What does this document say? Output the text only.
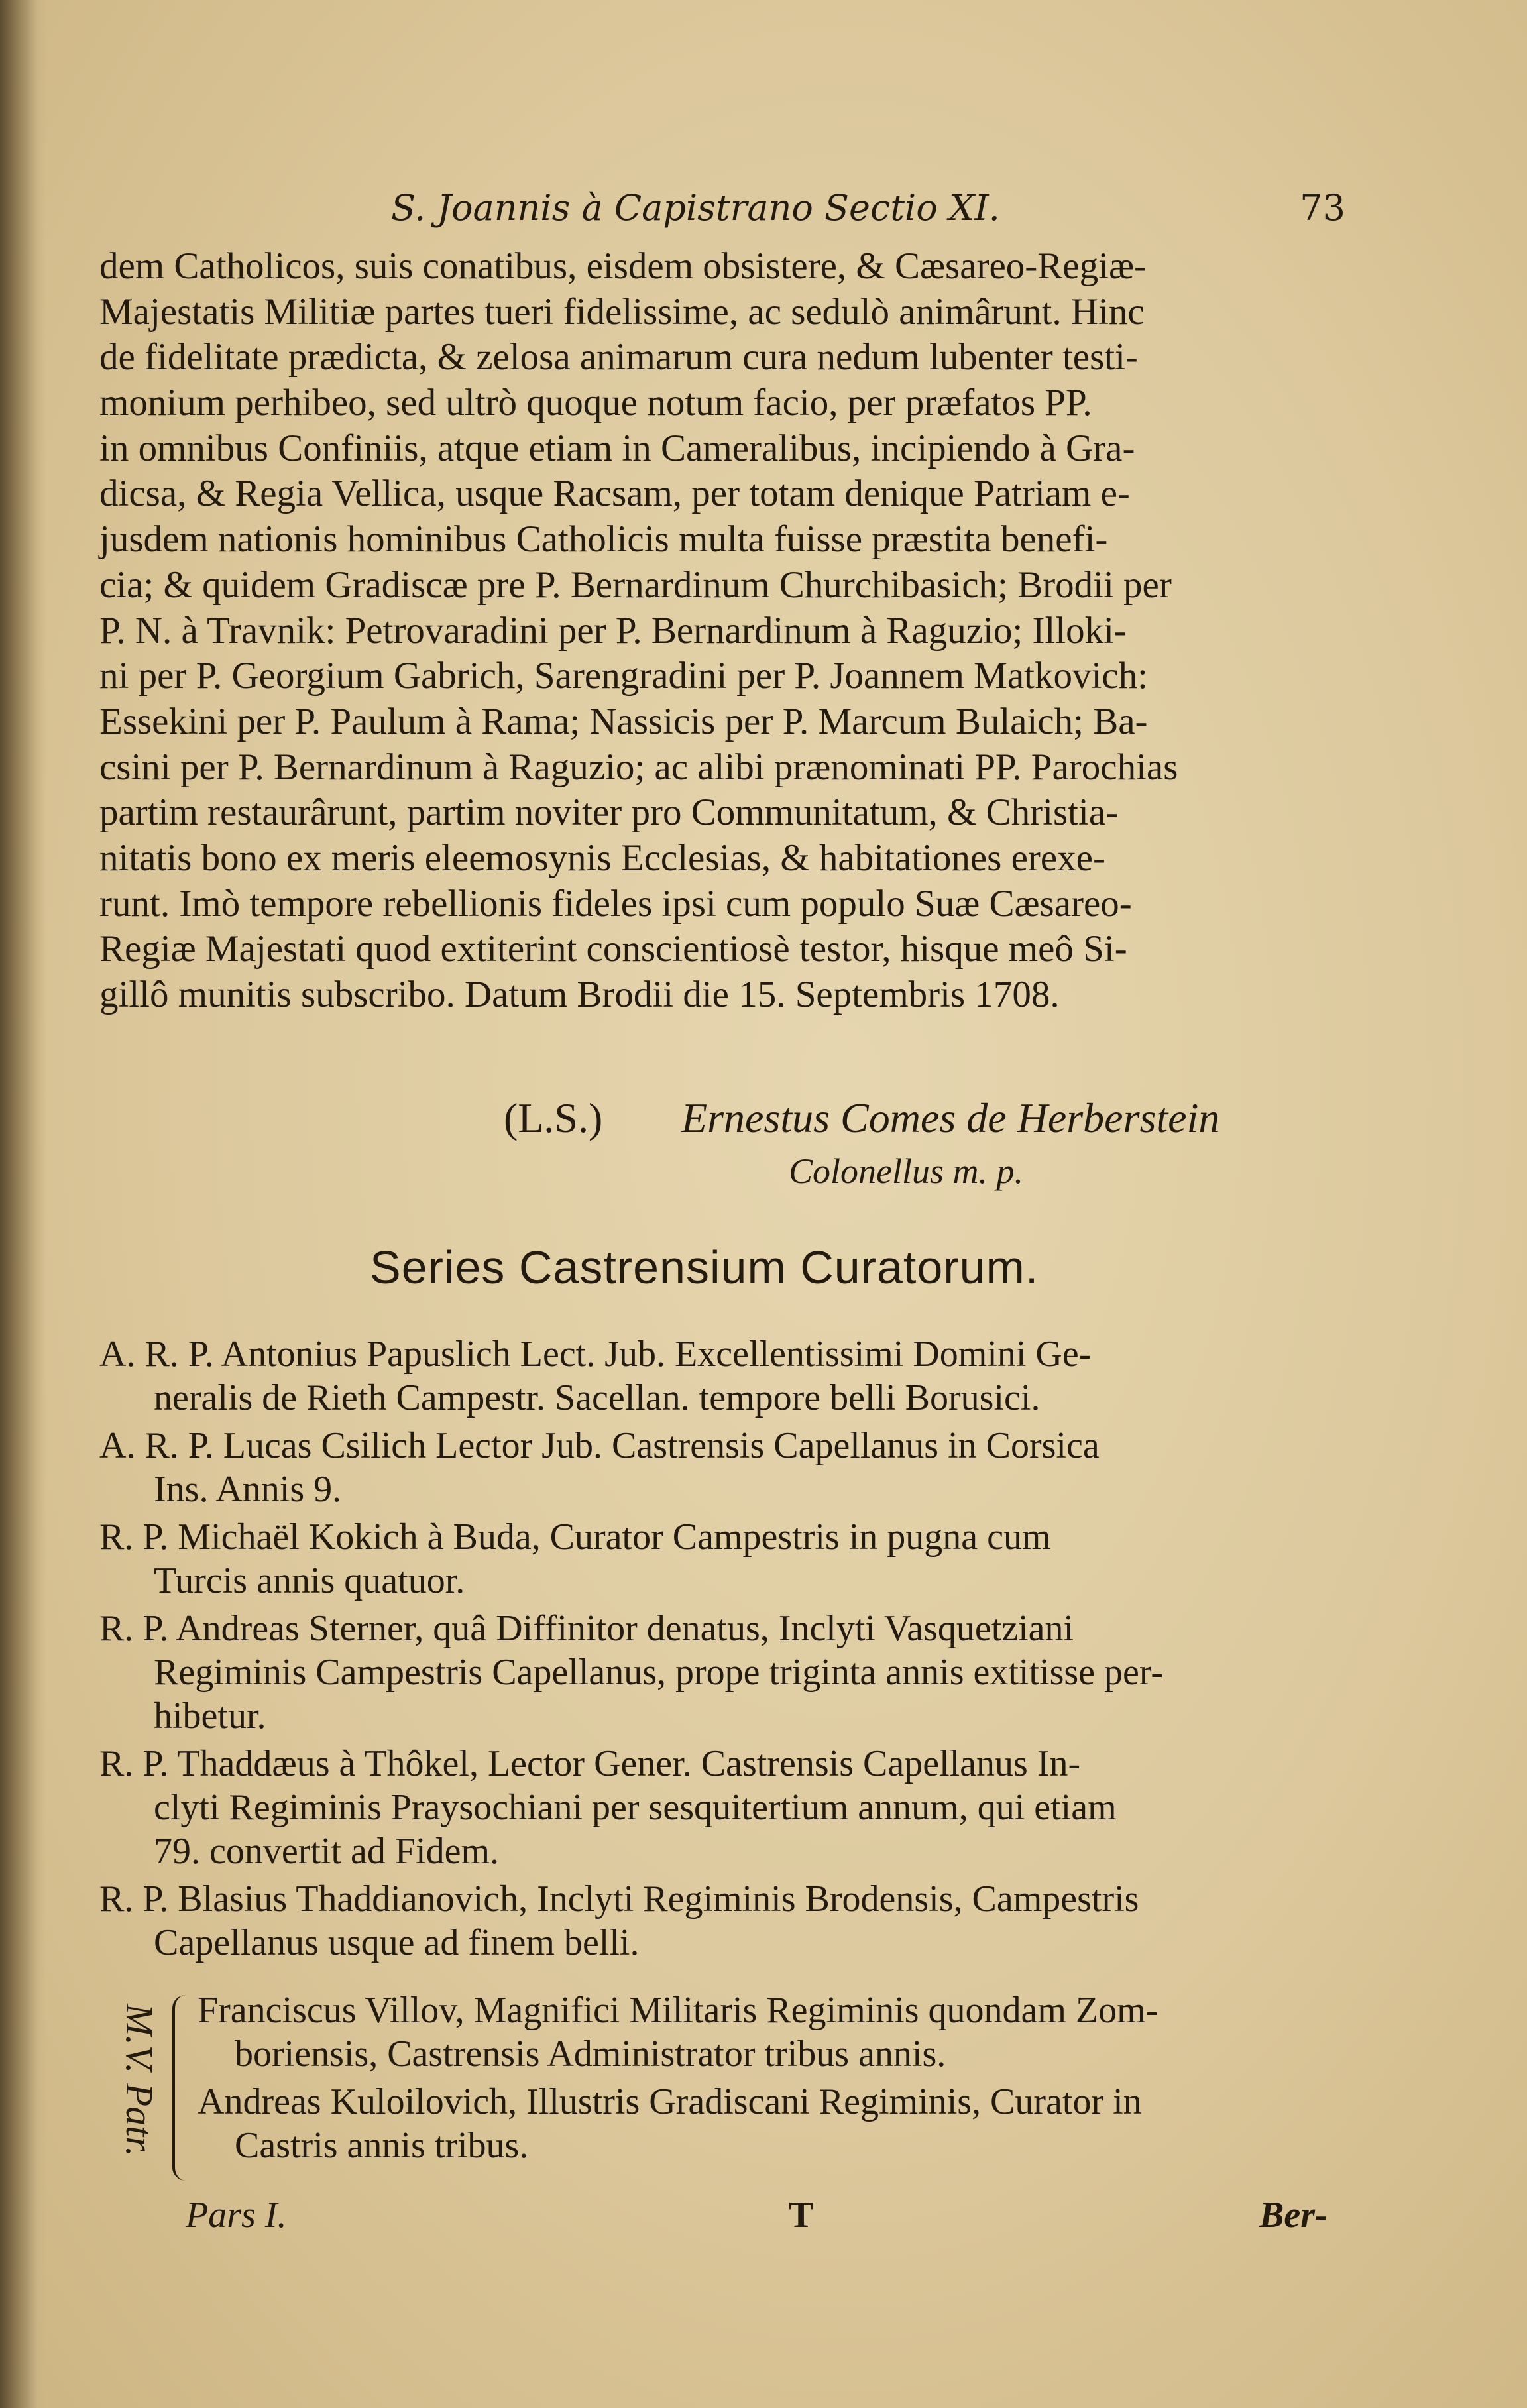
S. Joannis à Capistrano Sectio XI.	73
dem Catholicos, suis conatibus, eisdem obsistere, & Cæsareo-Regiæ-
Majestatis Militiæ partes tueri fidelissime, ac sedulò animârunt. Hinc
de fidelitate prædicta, & zelosa animarum cura nedum lubenter testi-
monium perhibeo, sed ultrò quoque notum facio, per præfatos PP.
in omnibus Confiniis, atque etiam in Cameralibus, incipiendo à Gra-
dicsa, & Regia Vellica, usque Racsam, per totam denique Patriam e-
jusdem nationis hominibus Catholicis multa fuisse præstita benefi-
cia; & quidem Gradiscæ pre P. Bernardinum Churchibasich; Brodii per
P. N. à Travnik: Petrovaradini per P. Bernardinum à Raguzio; Illoki-
ni per P. Georgium Gabrich, Sarengradini per P. Joannem Matkovich:
Essekini per P. Paulum à Rama; Nassicis per P. Marcum Bulaich; Ba-
csini per P. Bernardinum à Raguzio; ac alibi prænominati PP. Parochias
partim restaurârunt, partim noviter pro Communitatum, & Christia-
nitatis bono ex meris eleemosynis Ecclesias, & habitationes erexe-
runt. Imò tempore rebellionis fideles ipsi cum populo Suæ Cæsareo-
Regiæ Majestati quod extiterint conscientiosè testor, hisque meô Si-
gillô munitis subscribo. Datum Brodii die 15. Septembris 1708.
(L.S.) Ernestus Comes de Herberstein
Colonellus m. p.
Series Castrensium Curatorum.
A. R. P. Antonius Papuslich Lect. Jub. Excellentissimi Domini Ge-
neralis de Rieth Campestr. Sacellan. tempore belli Borusici.
A. R. P. Lucas Csilich Lector Jub. Castrensis Capellanus in Corsica
Ins. Annis 9.
R. P. Michaël Kokich à Buda, Curator Campestris in pugna cum
Turcis annis quatuor.
R. P. Andreas Sterner, quâ Diffinitor denatus, Inclyti Vasquetziani
Regiminis Campestris Capellanus, prope triginta annis extitisse per-
hibetur.
R. P. Thaddæus à Thôkel, Lector Gener. Castrensis Capellanus In-
clyti Regiminis Praysochiani per sesquitertium annum, qui etiam
79. convertit ad Fidem.
R. P. Blasius Thaddianovich, Inclyti Regiminis Brodensis, Campestris
Capellanus usque ad finem belli.
M.V. Patr. Franciscus Villov, Magnifici Militaris Regiminis quondam Zom-
boriensis, Castrensis Administrator tribus annis.
Andreas Kuloilovich, Illustris Gradiscani Regiminis, Curator in
Castris annis tribus.
Pars I.	T	Ber-
